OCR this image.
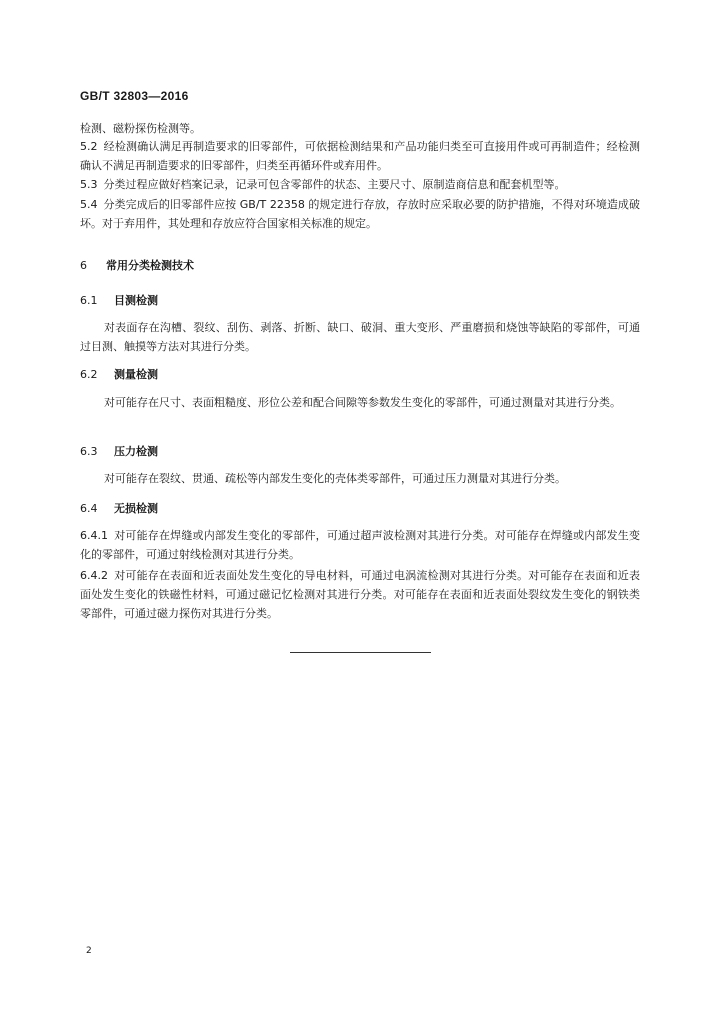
GB/T 32803—2016
检测、磁粉探伤检测等。
5.2 经检测确认满足再制造要求的旧零部件，可依据检测结果和产品功能归类至可直接用件或可再制造件；经检测确认不满足再制造要求的旧零部件，归类至再循环件或弃用件。
5.3 分类过程应做好档案记录，记录可包含零部件的状态、主要尺寸、原制造商信息和配套机型等。
5.4 分类完成后的旧零部件应按 GB/T 22358 的规定进行存放，存放时应采取必要的防护措施，不得对环境造成破坏。对于弃用件，其处理和存放应符合国家相关标准的规定。
6 常用分类检测技术
6.1 目测检测
对表面存在沟槽、裂纹、刮伤、剥落、折断、缺口、破洞、重大变形、严重磨损和烧蚀等缺陷的零部件，可通过目测、触摸等方法对其进行分类。
6.2 测量检测
对可能存在尺寸、表面粗糙度、形位公差和配合间隙等参数发生变化的零部件，可通过测量对其进行分类。
6.3 压力检测
对可能存在裂纹、贯通、疏松等内部发生变化的壳体类零部件，可通过压力测量对其进行分类。
6.4 无损检测
6.4.1 对可能存在焊缝或内部发生变化的零部件，可通过超声波检测对其进行分类。对可能存在焊缝或内部发生变化的零部件，可通过射线检测对其进行分类。
6.4.2 对可能存在表面和近表面处发生变化的导电材料，可通过电涡流检测对其进行分类。对可能存在表面和近表面处发生变化的铁磁性材料，可通过磁记忆检测对其进行分类。对可能存在表面和近表面处裂纹发生变化的钢铁类零部件，可通过磁力探伤对其进行分类。
2
